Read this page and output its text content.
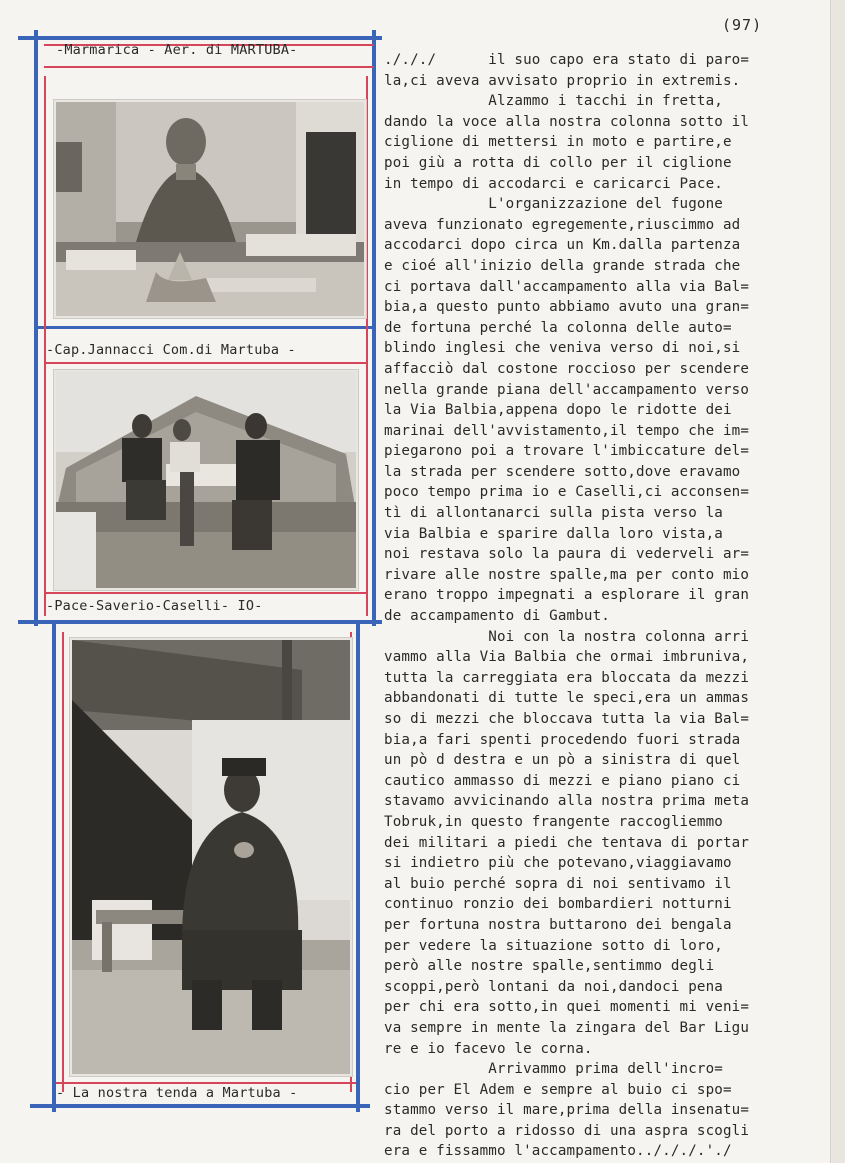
(97)
-Marmarica - Aer. di MARTUBA-
-Cap.Jannacci Com.di Martuba -
-Pace-Saverio-Caselli- IO-
- La nostra tenda a Martuba -
./././      il suo capo era stato di paro=
la,ci aveva avvisato proprio in extremis.
Alzammo i tacchi in fretta,
dando la voce alla nostra colonna sotto il
ciglione di mettersi in moto e partire,e
poi giù a rotta di collo per il ciglione
in tempo di accodarci e caricarci Pace.
L'organizzazione del fugone
aveva funzionato egregemente,riuscimmo ad
accodarci dopo circa un Km.dalla partenza
e cioé all'inizio della grande strada che
ci portava dall'accampamento alla via Bal=
bia,a questo punto abbiamo avuto una gran=
de fortuna perché la colonna delle auto=
blindo inglesi che veniva verso di noi,si
affacciò dal costone roccioso per scendere
nella grande piana dell'accampamento verso
la Via Balbia,appena dopo le ridotte dei
marinai dell'avvistamento,il tempo che im=
piegarono poi a trovare l'imbiccature del=
la strada per scendere sotto,dove eravamo
poco tempo prima io e Caselli,ci acconsen=
tì di allontanarci sulla pista verso la
via Balbia e sparire dalla loro vista,a
noi restava solo la paura di vederveli ar=
rivare alle nostre spalle,ma per conto mio
erano troppo impegnati a esplorare il gran
de accampamento di Gambut.
Noi con la nostra colonna arri
vammo alla Via Balbia che ormai imbruniva,
tutta la carreggiata era bloccata da mezzi
abbandonati di tutte le speci,era un ammas
so di mezzi che bloccava tutta la via Bal=
bia,a fari spenti procedendo fuori strada
un pò d destra e un pò a sinistra di quel
cautico ammasso di mezzi e piano piano ci
stavamo avvicinando alla nostra prima meta
Tobruk,in questo frangente raccogliemmo
dei militari a piedi che tentava di portar
si indietro più che potevano,viaggiavamo
al buio perché sopra di noi sentivamo il
continuo ronzio dei bombardieri notturni
per fortuna nostra buttarono dei bengala
per vedere la situazione sotto di loro,
però alle nostre spalle,sentimmo degli
scoppi,però lontani da noi,dandoci pena
per chi era sotto,in quei momenti mi veni=
va sempre in mente la zingara del Bar Ligu
re e io facevo le corna.
Arrivammo prima dell'incro=
cio per El Adem e sempre al buio ci spo=
stammo verso il mare,prima della insenatu=
ra del porto a ridosso di una aspra scogli
era e fissammo l'accampamento../././.'./
